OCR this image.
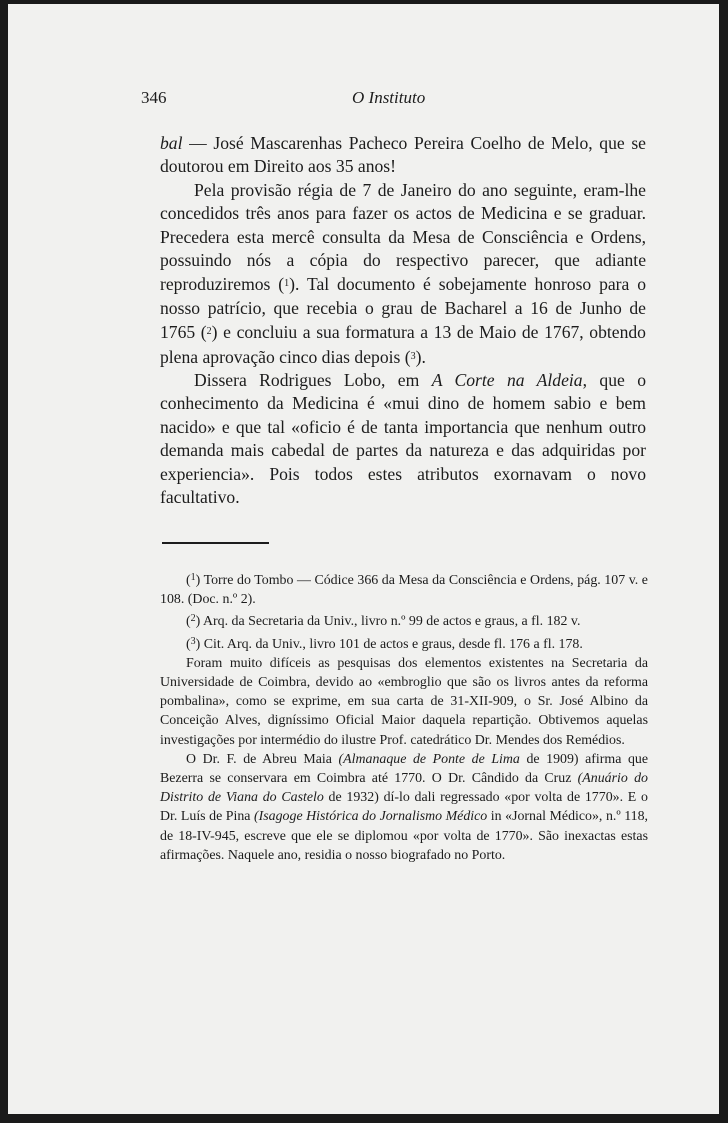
346	O Instituto

bal — José Mascarenhas Pacheco Pereira Coelho de Melo, que se doutorou em Direito aos 35 anos!

Pela provisão régia de 7 de Janeiro do ano seguinte, eram-lhe concedidos três anos para fazer os actos de Medicina e se graduar. Precedera esta mercê consulta da Mesa de Consciência e Ordens, possuindo nós a cópia do respectivo parecer, que adiante reproduziremos ($^1$). Tal documento é sobejamente honroso para o nosso patrício, que recebia o grau de Bacharel a 16 de Junho de 1765 ($^2$) e concluiu a sua formatura a 13 de Maio de 1767, obtendo plena aprovação cinco dias depois ($^3$).

Dissera Rodrigues Lobo, em A Corte na Aldeia, que o conhecimento da Medicina é «mui dino de homem sabio e bem nacido» e que tal «oficio é de tanta importancia que nenhum outro demanda mais cabedal de partes da natureza e das adquiridas por experiencia». Pois todos estes atributos exornavam o novo facultativo.

($^1$) Torre do Tombo — Códice 366 da Mesa da Consciência e Ordens, pág. 107 v. e 108. (Doc. n.º 2).

($^2$) Arq. da Secretaria da Univ., livro n.º 99 de actos e graus, a fl. 182 v.

($^3$) Cit. Arq. da Univ., livro 101 de actos e graus, desde fl. 176 a fl. 178.

Foram muito difíceis as pesquisas dos elementos existentes na Secretaria da Universidade de Coimbra, devido ao «embroglio que são os livros antes da reforma pombalina», como se exprime, em sua carta de 31-XII-909, o Sr. José Albino da Conceição Alves, digníssimo Oficial Maior daquela repartição. Obtivemos aquelas investigações por intermédio do ilustre Prof. catedrático Dr. Mendes dos Remédios.

O Dr. F. de Abreu Maia (Almanaque de Ponte de Lima de 1909) afirma que Bezerra se conservara em Coimbra até 1770. O Dr. Cândido da Cruz (Anuário do Distrito de Viana do Castelo de 1932) dí-lo dali regressado «por volta de 1770». E o Dr. Luís de Pina (Isagoge Histórica do Jornalismo Médico in «Jornal Médico», n.º 118, de 18-IV-945, escreve que ele se diplomou «por volta de 1770». São inexactas estas afirmações. Naquele ano, residia o nosso biografado no Porto.
